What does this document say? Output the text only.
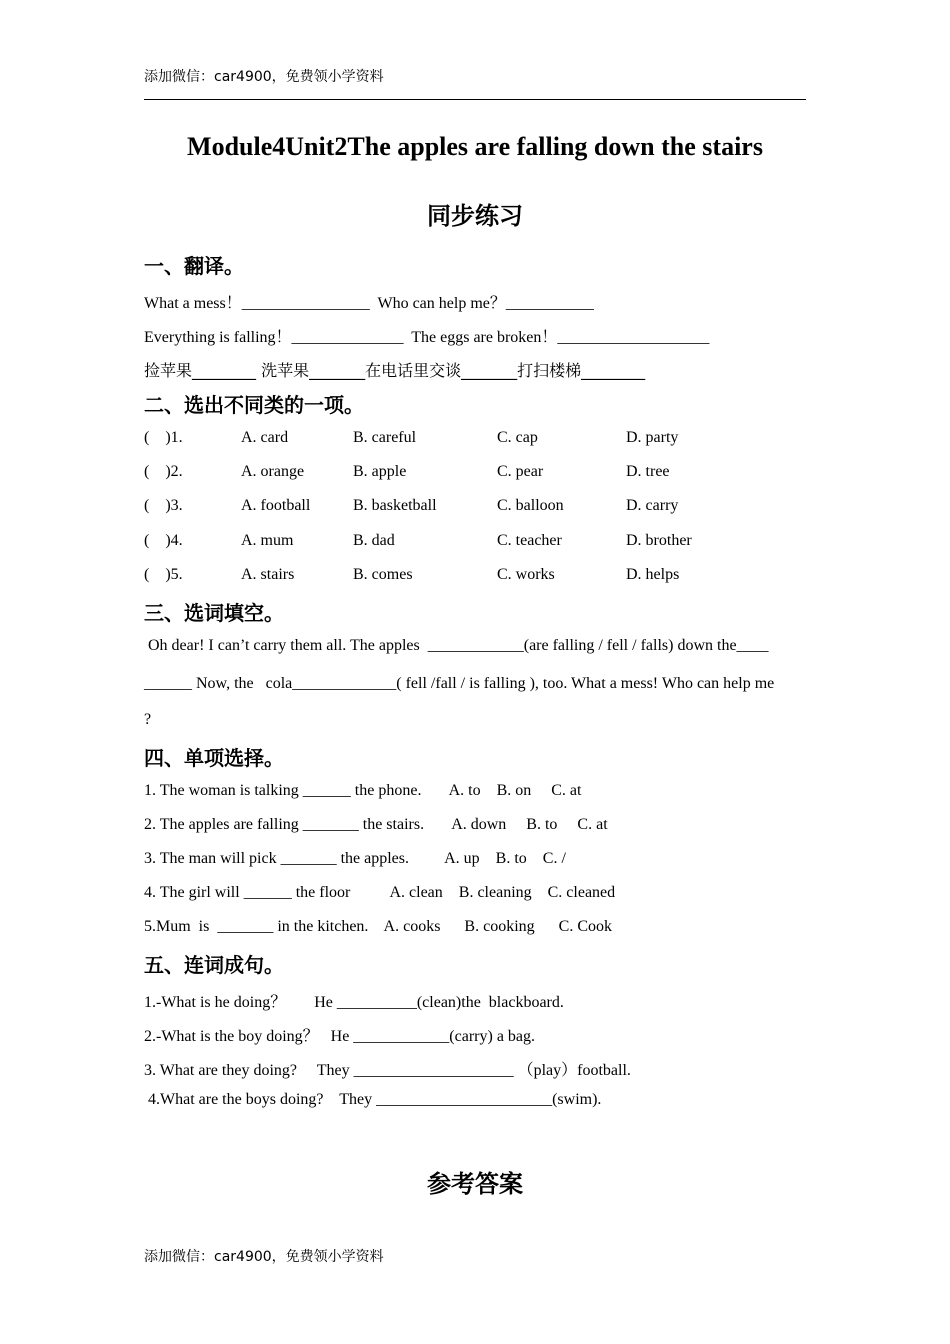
添加微信：car4900，免费领小学资料
Module4Unit2The apples are falling down the stairs
同步练习
一、翻译。
What a mess！________________  Who can help me？___________
Everything is falling！______________  The eggs are broken！___________________
捡苹果________ 洗苹果_______在电话里交谈_______打扫楼梯________
二、选出不同类的一项。
(    )1.	A. card	B. careful	C. cap	D. party
(    )2.	A. orange	B. apple	C. pear	D. tree
(    )3.	A. football	B. basketball	C. balloon	D. carry
(    )4.	A. mum	B. dad	C. teacher	D. brother
(    )5.	A. stairs	B. comes	C. works	D. helps
三、选词填空。
Oh dear! I can’t carry them all. The apples  ____________(are falling / fell / falls) down the____
______ Now, the   cola_____________( fell /fall / is falling ), too. What a mess! Who can help me
?
四、单项选择。
1. The woman is talking ______ the phone.       A. to    B. on     C. at
2. The apples are falling _______ the stairs.       A. down     B. to     C. at
3. The man will pick _______ the apples.         A. up    B. to    C. /
4. The girl will ______ the floor          A. clean    B. cleaning    C. cleaned
5.Mum  is  _______ in the kitchen.    A. cooks      B. cooking      C. Cook
五、连词成句。
1.-What is he doing？       He __________(clean)the  blackboard.
2.-What is the boy doing？   He ____________(carry) a bag.
3. What are they doing?     They ____________________ （play）football.
4.What are the boys doing?    They ______________________(swim).
参考答案
添加微信：car4900，免费领小学资料
